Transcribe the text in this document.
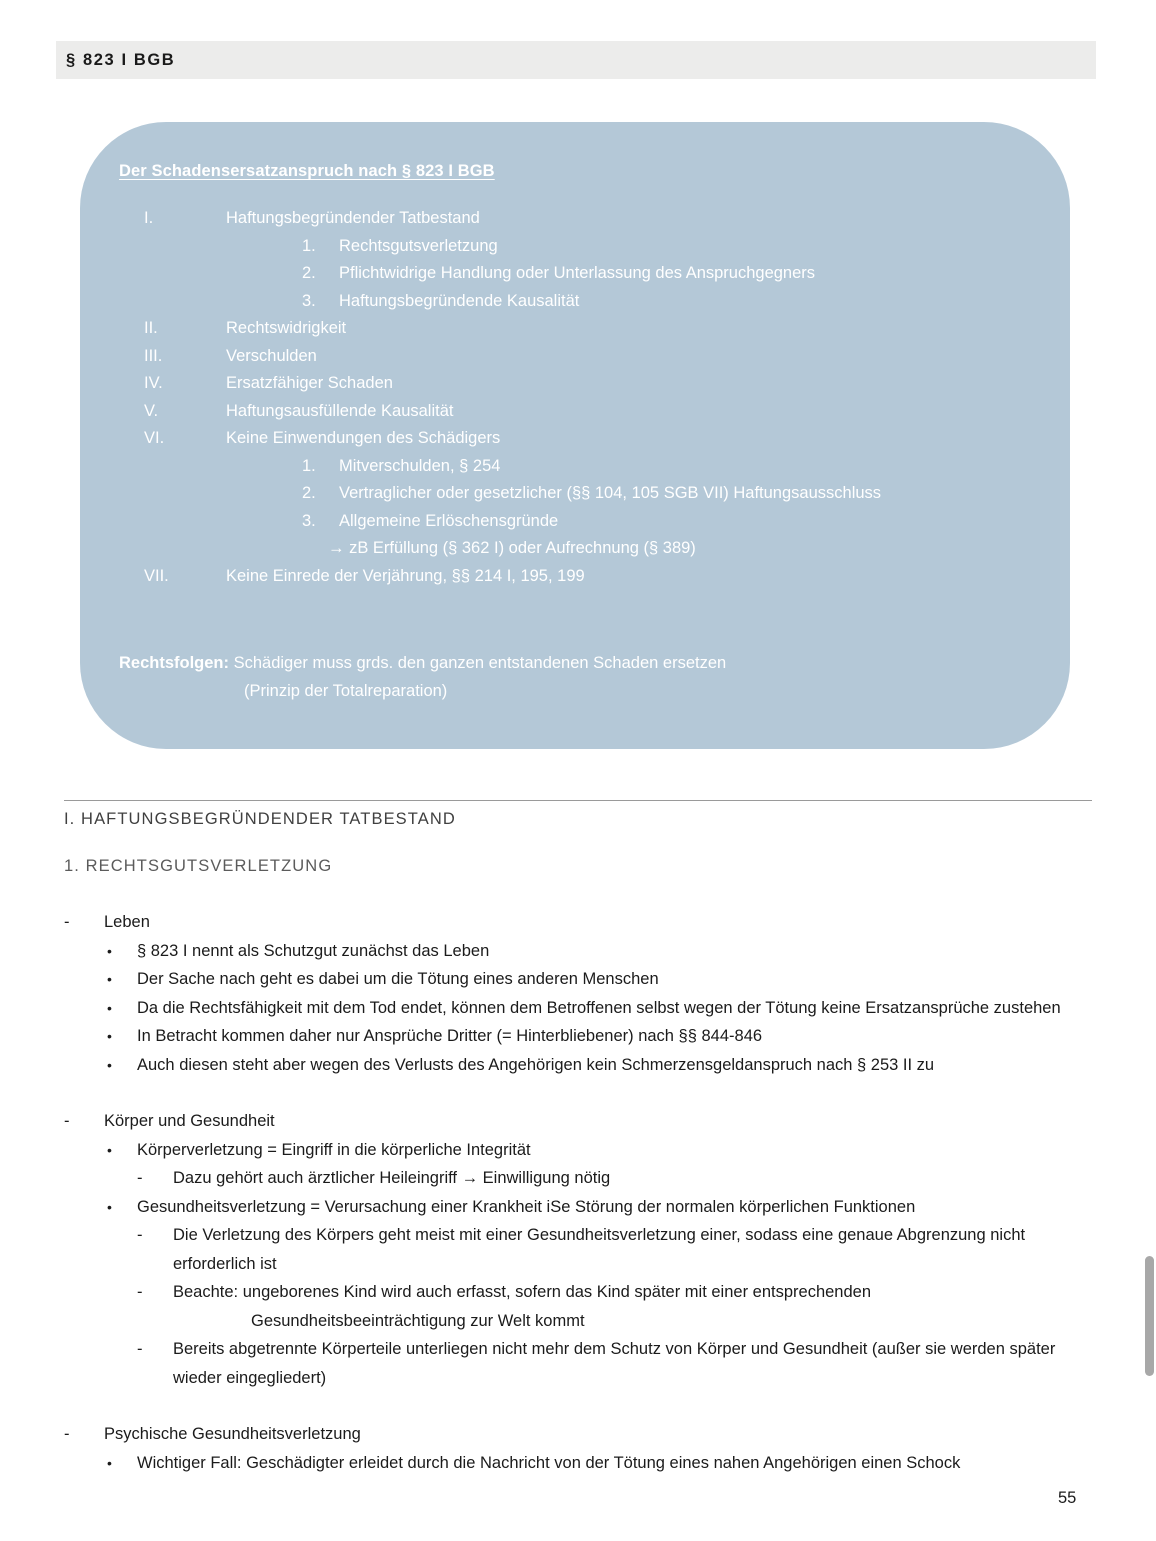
§ 823 I BGB
Der Schadensersatzanspruch nach § 823 I BGB
I.	Haftungsbegründender Tatbestand
1.	Rechtsgutsverletzung
2.	Pflichtwidrige Handlung oder Unterlassung des Anspruchgegners
3.	Haftungsbegründende Kausalität
II.	Rechtswidrigkeit
III.	Verschulden
IV.	Ersatzfähiger Schaden
V.	Haftungsausfüllende Kausalität
VI.	Keine Einwendungen des Schädigers
1.	Mitverschulden, § 254
2.	Vertraglicher oder gesetzlicher (§§ 104, 105 SGB VII) Haftungsausschluss
3.	Allgemeine Erlöschensgründe
→ zB Erfüllung (§ 362 I) oder Aufrechnung (§ 389)
VII.	Keine Einrede der Verjährung, §§ 214 I, 195, 199
Rechtsfolgen: Schädiger muss grds. den ganzen entstandenen Schaden ersetzen
(Prinzip der Totalreparation)
I. HAFTUNGSBEGRÜNDENDER TATBESTAND
1. RECHTSGUTSVERLETZUNG
-	Leben
•	§ 823 I nennt als Schutzgut zunächst das Leben
•	Der Sache nach geht es dabei um die Tötung eines anderen Menschen
•	Da die Rechtsfähigkeit mit dem Tod endet, können dem Betroffenen selbst wegen der Tötung keine Ersatzansprüche zustehen
•	In Betracht kommen daher nur Ansprüche Dritter (= Hinterbliebener) nach §§ 844-846
•	Auch diesen steht aber wegen des Verlusts des Angehörigen kein Schmerzensgeldanspruch nach § 253 II zu
-	Körper und Gesundheit
•	Körperverletzung = Eingriff in die körperliche Integrität
-	Dazu gehört auch ärztlicher Heileingriff → Einwilligung nötig
•	Gesundheitsverletzung = Verursachung einer Krankheit iSe Störung der normalen körperlichen Funktionen
-	Die Verletzung des Körpers geht meist mit einer Gesundheitsverletzung einer, sodass eine genaue Abgrenzung nicht erforderlich ist
-	Beachte: ungeborenes Kind wird auch erfasst, sofern das Kind später mit einer entsprechenden
Gesundheitsbeeinträchtigung zur Welt kommt
-	Bereits abgetrennte Körperteile unterliegen nicht mehr dem Schutz von Körper und Gesundheit (außer sie werden später wieder eingegliedert)
-	Psychische Gesundheitsverletzung
•	Wichtiger Fall: Geschädigter erleidet durch die Nachricht von der Tötung eines nahen Angehörigen einen Schock
55
